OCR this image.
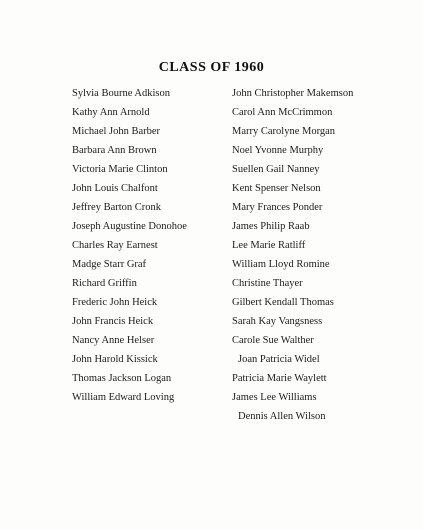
CLASS OF 1960
Sylvia Bourne Adkison
Kathy Ann Arnold
Michael John Barber
Barbara Ann Brown
Victoria Marie Clinton
John Louis Chalfont
Jeffrey Barton Cronk
Joseph Augustine Donohoe
Charles Ray Earnest
Madge Starr Graf
Richard Griffin
Frederic John Heick
John Francis Heick
Nancy Anne Helser
John Harold Kissick
Thomas Jackson Logan
William Edward Loving
John Christopher Makemson
Carol Ann McCrimmon
Marry Carolyne Morgan
Noel Yvonne Murphy
Suellen Gail Nanney
Kent Spenser Nelson
Mary Frances Ponder
James Philip Raab
Lee Marie Ratliff
William Lloyd Romine
Christine Thayer
Gilbert Kendall Thomas
Sarah Kay Vangsness
Carole Sue Walther
Joan Patricia Widel
Patricia Marie Waylett
James Lee Williams
Dennis Allen Wilson
